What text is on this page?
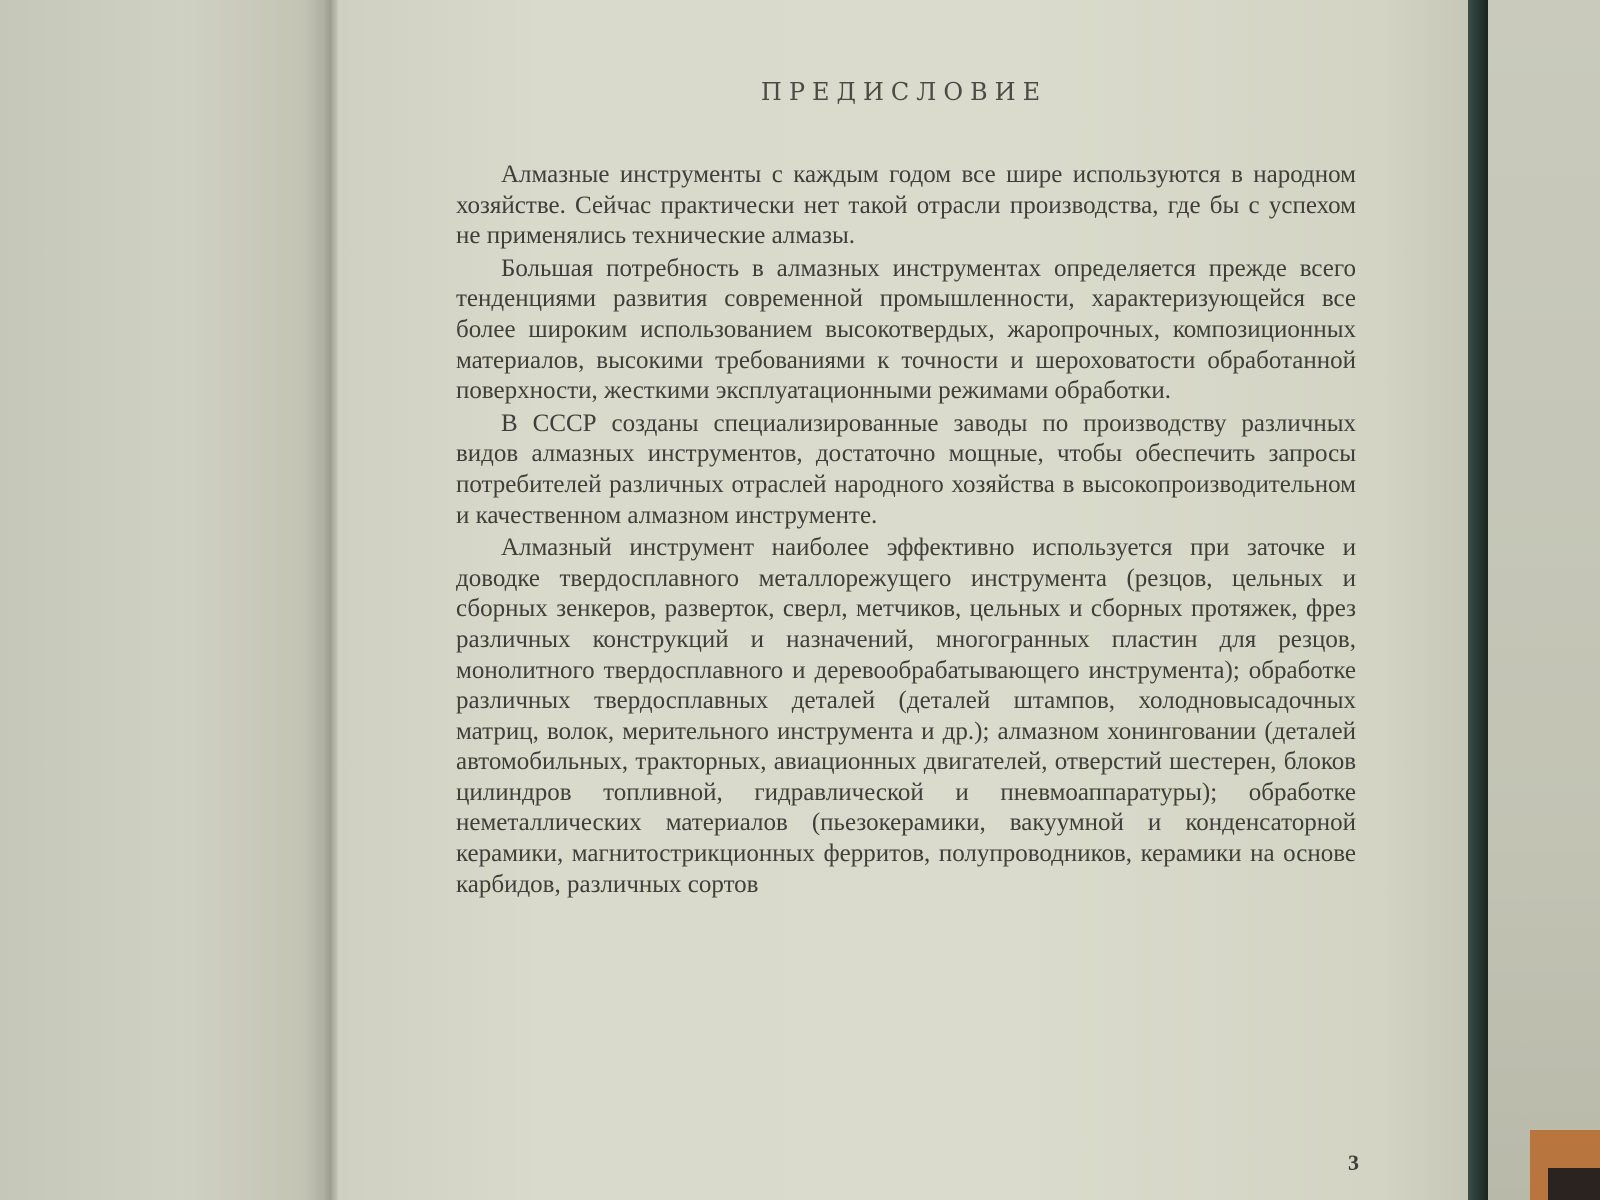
ПРЕДИСЛОВИЕ

Алмазные инструменты с каждым годом все шире используются в народном хозяйстве. Сейчас практически нет такой отрасли производства, где бы с успехом не применялись технические алмазы.

Большая потребность в алмазных инструментах определяется прежде всего тенденциями развития современной промышленности, характеризующейся все более широким использованием высокотвердых, жаропрочных, композиционных материалов, высокими требованиями к точности и шероховатости обработанной поверхности, жесткими эксплуатационными режимами обработки.

В СССР созданы специализированные заводы по производству различных видов алмазных инструментов, достаточно мощные, чтобы обеспечить запросы потребителей различных отраслей народного хозяйства в высокопроизводительном и качественном алмазном инструменте.

Алмазный инструмент наиболее эффективно используется при заточке и доводке твердосплавного металлорежущего инструмента (резцов, цельных и сборных зенкеров, разверток, сверл, метчиков, цельных и сборных протяжек, фрез различных конструкций и назначений, многогранных пластин для резцов, монолитного твердосплавного и деревообрабатывающего инструмента); обработке различных твердосплавных деталей (деталей штампов, холодновысадочных матриц, волок, мерительного инструмента и др.); алмазном хонинговании (деталей автомобильных, тракторных, авиационных двигателей, отверстий шестерен, блоков цилиндров топливной, гидравлической и пневмоаппаратуры); обработке неметаллических материалов (пьезокерамики, вакуумной и конденсаторной керамики, магнитострикционных ферритов, полупроводников, керамики на основе карбидов, различных сортов

3
